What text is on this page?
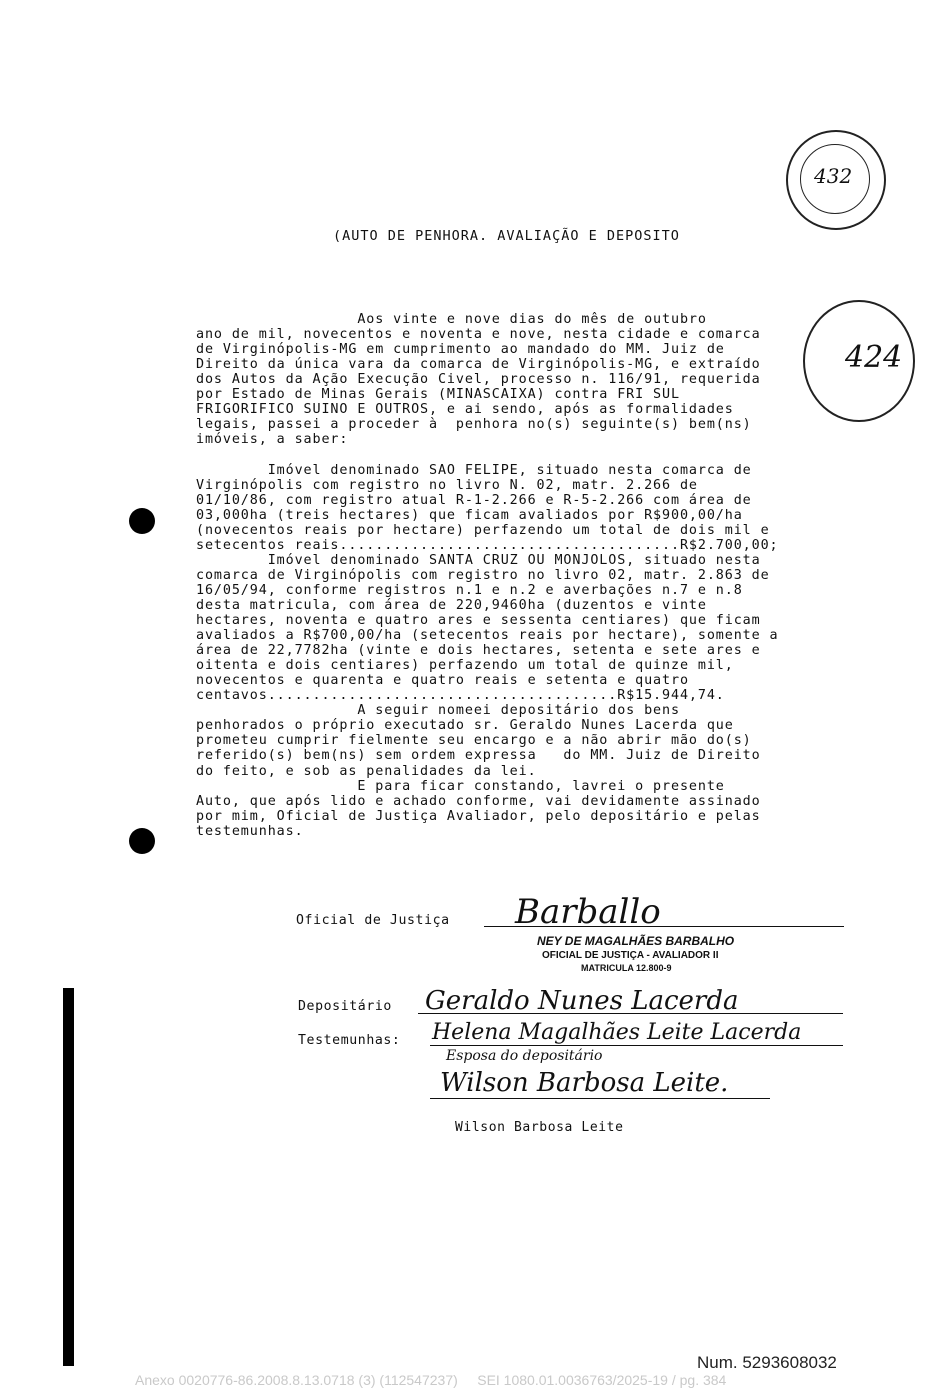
432
(AUTO DE PENHORA. AVALIAÇÃO E DEPOSITO
424
Aos vinte e nove dias do mês de outubro
ano de mil, novecentos e noventa e nove, nesta cidade e comarca
de Virginópolis-MG em cumprimento ao mandado do MM. Juiz de
Direito da única vara da comarca de Virginópolis-MG, e extraído
dos Autos da Ação Execução Civel, processo n. 116/91, requerida
por Estado de Minas Gerais (MINASCAIXA) contra FRI SUL
FRIGORIFICO SUINO E OUTROS, e ai sendo, após as formalidades
legais, passei a proceder à  penhora no(s) seguinte(s) bem(ns)
imóveis, a saber:
Imóvel denominado SAO FELIPE, situado nesta comarca de
Virginópolis com registro no livro N. 02, matr. 2.266 de
01/10/86, com registro atual R-1-2.266 e R-5-2.266 com área de
03,000ha (treis hectares) que ficam avaliados por R$900,00/ha
(novecentos reais por hectare) perfazendo um total de dois mil e
setecentos reais......................................R$2.700,00;
Imóvel denominado SANTA CRUZ OU MONJOLOS, situado nesta
comarca de Virginópolis com registro no livro 02, matr. 2.863 de
16/05/94, conforme registros n.1 e n.2 e averbações n.7 e n.8
desta matricula, com área de 220,9460ha (duzentos e vinte
hectares, noventa e quatro ares e sessenta centiares) que ficam
avaliados a R$700,00/ha (setecentos reais por hectare), somente a
área de 22,7782ha (vinte e dois hectares, setenta e sete ares e
oitenta e dois centiares) perfazendo um total de quinze mil,
novecentos e quarenta e quatro reais e setenta e quatro
centavos.......................................R$15.944,74.
A seguir nomeei depositário dos bens
penhorados o próprio executado sr. Geraldo Nunes Lacerda que
prometeu cumprir fielmente seu encargo e a não abrir mão do(s)
referido(s) bem(ns) sem ordem expressa   do MM. Juiz de Direito
do feito, e sob as penalidades da lei.
E para ficar constando, lavrei o presente
Auto, que após lido e achado conforme, vai devidamente assinado
por mim, Oficial de Justiça Avaliador, pelo depositário e pelas
testemunhas.
Oficial de Justiça Barballo
NEY DE MAGALHÃES BARBALHO
OFICIAL DE JUSTIÇA - AVALIADOR II
MATRICULA 12.800-9
Depositário Geraldo Nunes Lacerda
Testemunhas: Helena Magalhães Leite Lacerda
Esposa do depositário
Wilson Barbosa Leite.
Wilson Barbosa Leite
Num. 5293608032
Anexo 0020776-86.2008.8.13.0718 (3) (112547237)     SEI 1080.01.0036763/2025-19 / pg. 384
